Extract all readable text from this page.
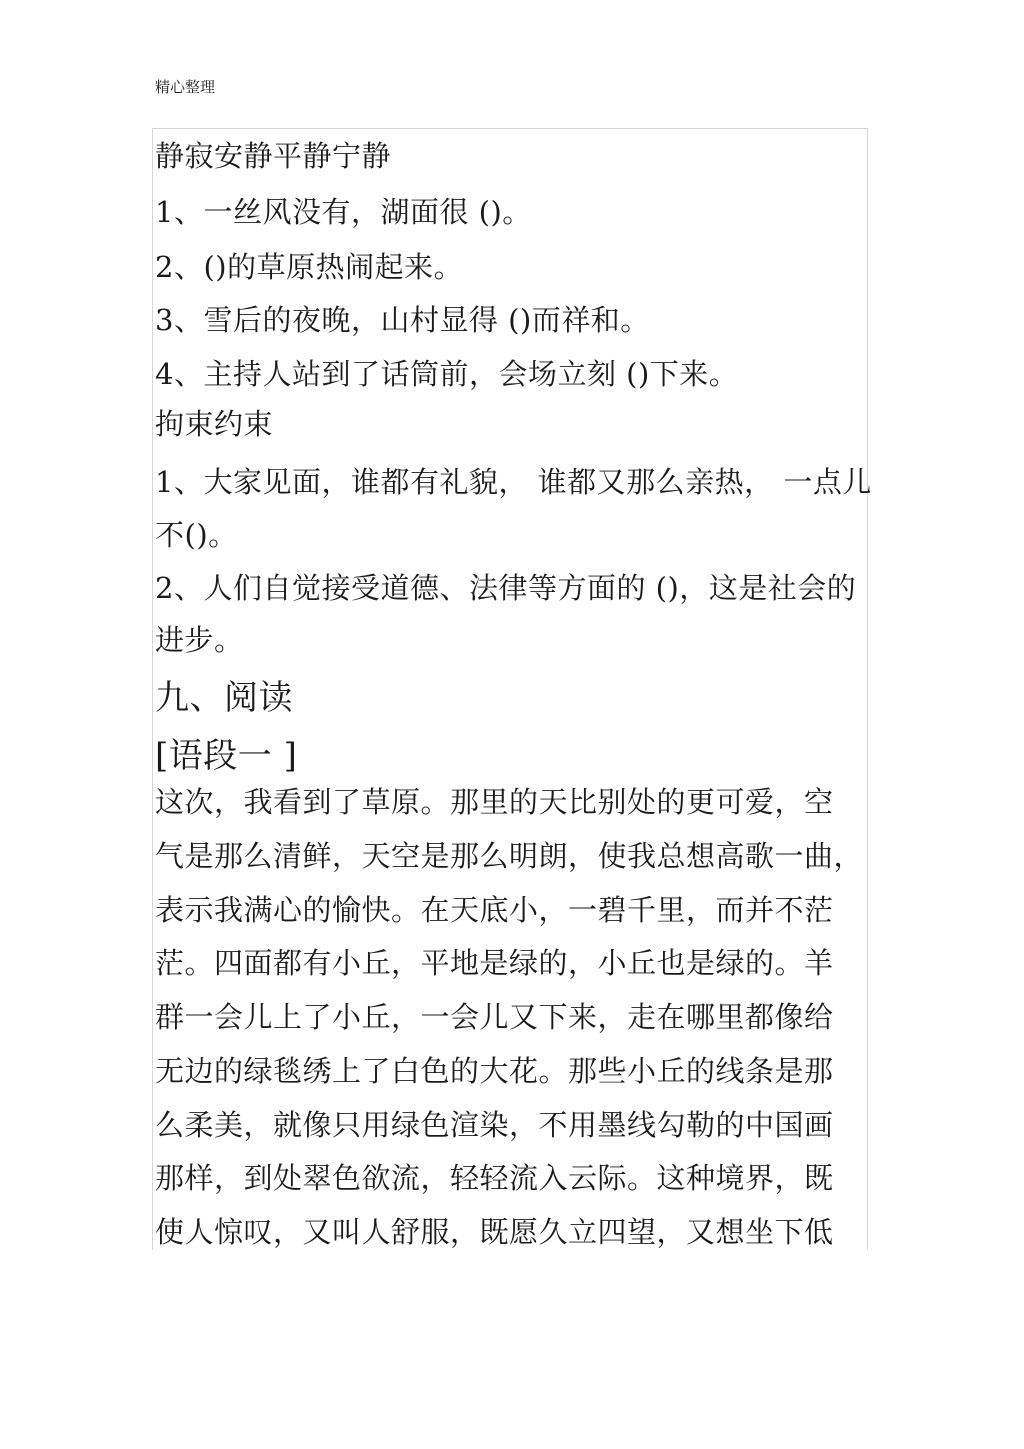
精心整理
静寂安静平静宁静
1、一丝风没有，湖面很 ()。
2、()的草原热闹起来。
3、雪后的夜晚，山村显得 ()而祥和。
4、主持人站到了话筒前，会场立刻 ()下来。
拘束约束
1、大家见面，谁都有礼貌， 谁都又那么亲热， 一点儿
不()。
2、人们自觉接受道德、法律等方面的 ()，这是社会的
进步。
九、阅读
[语段一 ]
这次，我看到了草原。那里的天比别处的更可爱，空
气是那么清鲜，天空是那么明朗，使我总想高歌一曲，
表示我满心的愉快。在天底小，一碧千里，而并不茫
茫。四面都有小丘，平地是绿的，小丘也是绿的。羊
群一会儿上了小丘，一会儿又下来，走在哪里都像给
无边的绿毯绣上了白色的大花。那些小丘的线条是那
么柔美，就像只用绿色渲染，不用墨线勾勒的中国画
那样，到处翠色欲流，轻轻流入云际。这种境界，既
使人惊叹，又叫人舒服，既愿久立四望，又想坐下低
